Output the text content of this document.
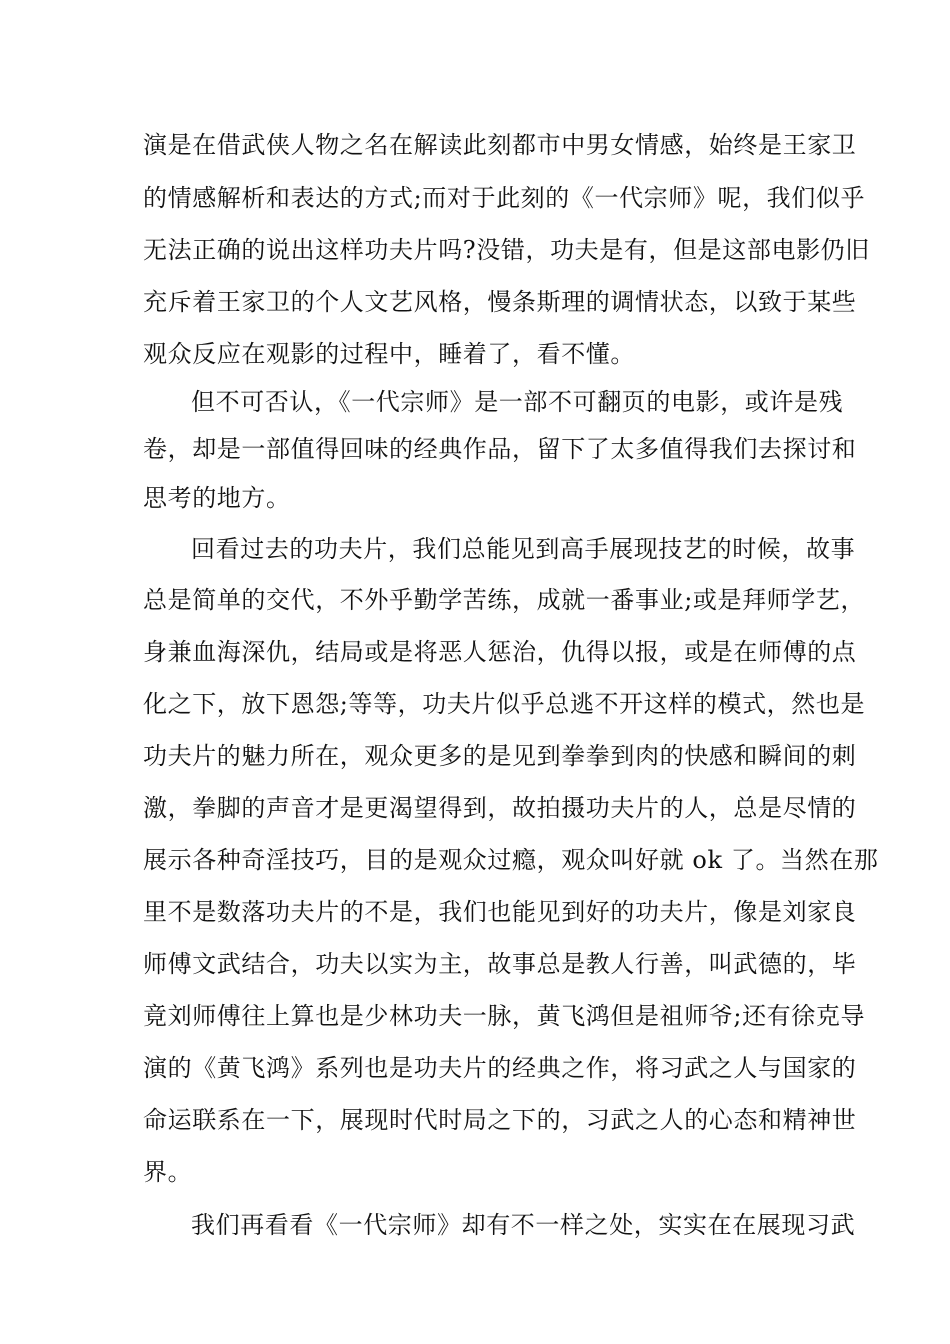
演是在借武侠人物之名在解读此刻都市中男女情感，始终是王家卫
的情感解析和表达的方式;而对于此刻的《一代宗师》呢，我们似乎
无法正确的说出这样功夫片吗?没错，功夫是有，但是这部电影仍旧
充斥着王家卫的个人文艺风格，慢条斯理的调情状态，以致于某些
观众反应在观影的过程中，睡着了，看不懂。
但不可否认，《一代宗师》是一部不可翻页的电影，或许是残
卷，却是一部值得回味的经典作品，留下了太多值得我们去探讨和
思考的地方。
回看过去的功夫片，我们总能见到高手展现技艺的时候，故事
总是简单的交代，不外乎勤学苦练，成就一番事业;或是拜师学艺，
身兼血海深仇，结局或是将恶人惩治，仇得以报，或是在师傅的点
化之下，放下恩怨;等等，功夫片似乎总逃不开这样的模式，然也是
功夫片的魅力所在，观众更多的是见到拳拳到肉的快感和瞬间的刺
激，拳脚的声音才是更渴望得到，故拍摄功夫片的人，总是尽情的
展示各种奇淫技巧，目的是观众过瘾，观众叫好就 ok 了。当然在那
里不是数落功夫片的不是，我们也能见到好的功夫片，像是刘家良
师傅文武结合，功夫以实为主，故事总是教人行善，叫武德的，毕
竟刘师傅往上算也是少林功夫一脉，黄飞鸿但是祖师爷;还有徐克导
演的《黄飞鸿》系列也是功夫片的经典之作，将习武之人与国家的
命运联系在一下，展现时代时局之下的，习武之人的心态和精神世
界。
我们再看看《一代宗师》却有不一样之处，实实在在展现习武
